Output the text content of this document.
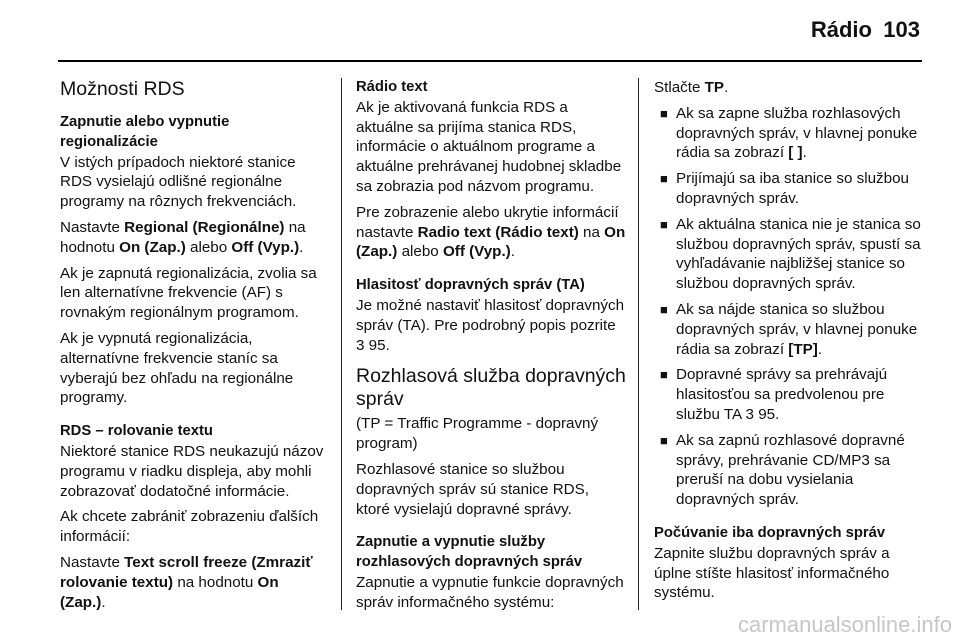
Rádio 103
Možnosti RDS
Zapnutie alebo vypnutie
regionalizácie

V istých prípadoch niektoré stanice RDS vysielajú odlišné regionálne programy na rôznych frekvenciách.

Nastavte Regional (Regionálne) na hodnotu On (Zap.) alebo Off (Vyp.).

Ak je zapnutá regionalizácia, zvolia sa len alternatívne frekvencie (AF) s rovnakým regionálnym programom.

Ak je vypnutá regionalizácia, alternatívne frekvencie staníc sa vyberajú bez ohľadu na regionálne programy.

RDS – rolovanie textu

Niektoré stanice RDS neukazujú názov programu v riadku displeja, aby mohli zobrazovať dodatočné informácie.

Ak chcete zabrániť zobrazeniu ďalších informácií:

Nastavte Text scroll freeze (Zmraziť rolovanie textu) na hodnotu On (Zap.).

Rádio text

Ak je aktivovaná funkcia RDS a aktuálne sa prijíma stanica RDS, informácie o aktuálnom programe a aktuálne prehrávanej hudobnej skladbe sa zobrazia pod názvom programu.

Pre zobrazenie alebo ukrytie informácií nastavte Radio text (Rádio text) na On (Zap.) alebo Off (Vyp.).

Hlasitosť dopravných správ (TA)

Je možné nastaviť hlasitosť dopravných správ (TA). Pre podrobný popis pozrite 3 95.

Rozhlasová služba dopravných správ

(TP = Traffic Programme - dopravný program)

Rozhlasové stanice so službou dopravných správ sú stanice RDS, ktoré vysielajú dopravné správy.

Zapnutie a vypnutie služby
rozhlasových dopravných správ

Zapnutie a vypnutie funkcie dopravných správ informačného systému:

Stlačte TP.

■ Ak sa zapne služba rozhlasových dopravných správ, v hlavnej ponuke rádia sa zobrazí [ ].
■ Prijímajú sa iba stanice so službou dopravných správ.
■ Ak aktuálna stanica nie je stanica so službou dopravných správ, spustí sa vyhľadávanie najbližšej stanice so službou dopravných správ.
■ Ak sa nájde stanica so službou dopravných správ, v hlavnej ponuke rádia sa zobrazí [TP].
■ Dopravné správy sa prehrávajú hlasitosťou sa predvolenou pre službu TA 3 95.
■ Ak sa zapnú rozhlasové dopravné správy, prehrávanie CD/MP3 sa preruší na dobu vysielania dopravných správ.
Počúvanie iba dopravných správ

Zapnite službu dopravných správ a úplne stíšte hlasitosť informačného systému.

carmanualsonline.info
